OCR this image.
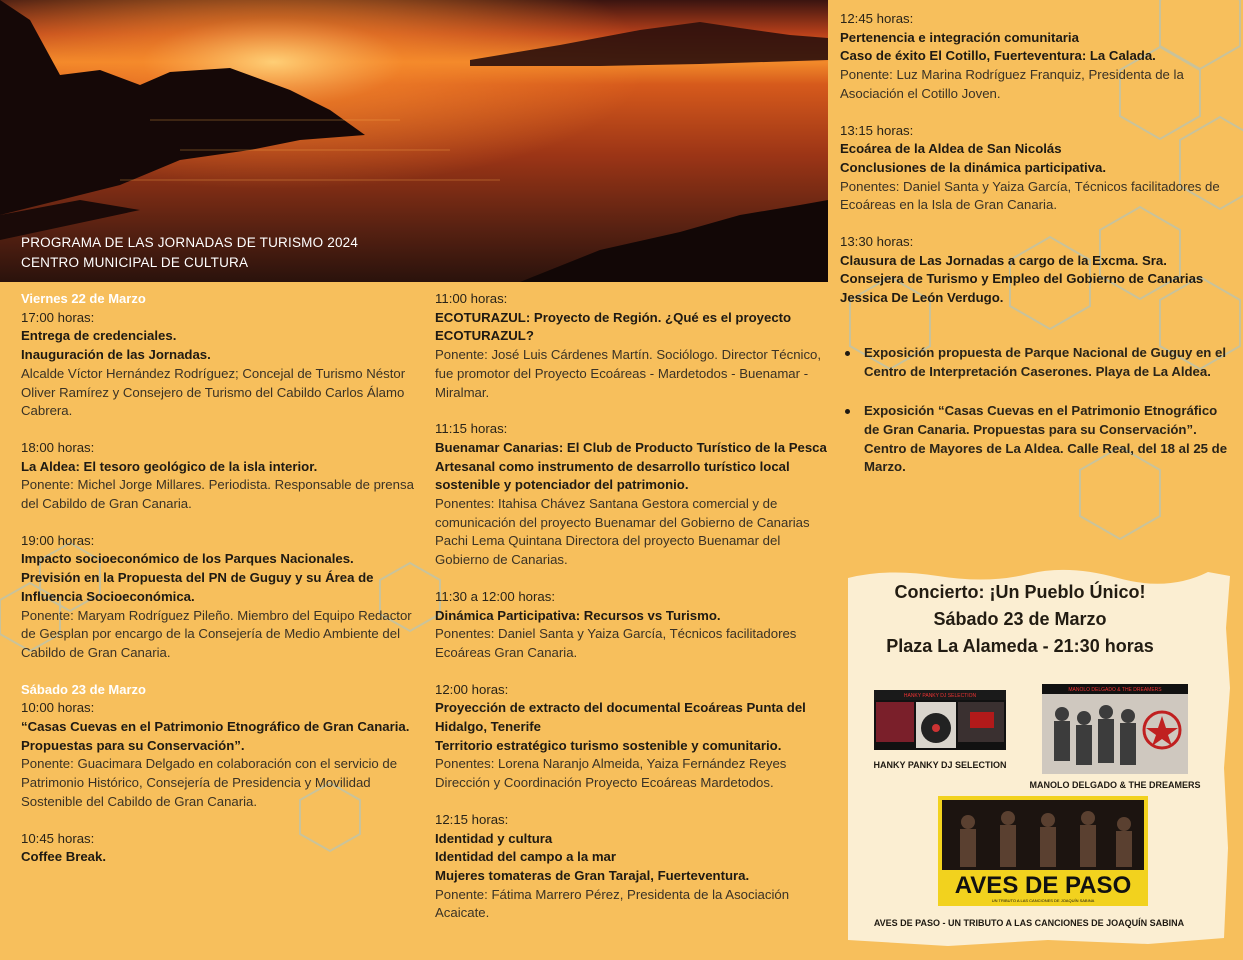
PROGRAMA DE LAS JORNADAS DE TURISMO 2024
CENTRO MUNICIPAL DE CULTURA
Viernes 22 de Marzo
17:00 horas:
Entrega de credenciales.
Inauguración de las Jornadas.
Alcalde Víctor Hernández Rodríguez; Concejal de Turismo Néstor Oliver Ramírez y Consejero de Turismo del Cabildo Carlos Álamo Cabrera.
18:00 horas:
La Aldea: El tesoro geológico de la isla interior.
Ponente: Michel Jorge Millares. Periodista. Responsable de prensa del Cabildo de Gran Canaria.
19:00 horas:
Impacto socioeconómico de los Parques Nacionales. Previsión en la Propuesta del PN de Guguy y su Área de Influencia Socioeconómica.
Ponente: Maryam Rodríguez Pileño. Miembro del Equipo Redactor de Gesplan por encargo de la Consejería de Medio Ambiente del Cabildo de Gran Canaria.
Sábado 23 de Marzo
10:00 horas:
“Casas Cuevas en el Patrimonio Etnográfico de Gran Canaria. Propuestas para su Conservación”.
Ponente: Guacimara Delgado en colaboración con el servicio de Patrimonio Histórico, Consejería de Presidencia y Movilidad Sostenible del Cabildo de Gran Canaria.
10:45 horas:
Coffee Break.
11:00 horas:
ECOTURAZUL: Proyecto de Región. ¿Qué es el proyecto ECOTURAZUL?
Ponente: José Luis Cárdenes Martín. Sociólogo. Director Técnico, fue promotor del Proyecto Ecoáreas - Mardetodos - Buenamar - Miralmar.
11:15 horas:
Buenamar Canarias: El Club de Producto Turístico de la Pesca Artesanal como instrumento de desarrollo turístico local sostenible y potenciador del patrimonio.
Ponentes: Itahisa Chávez Santana Gestora comercial y de comunicación del proyecto Buenamar del Gobierno de Canarias
Pachi Lema Quintana Directora del proyecto Buenamar del Gobierno de Canarias.
11:30 a 12:00 horas:
Dinámica Participativa: Recursos vs Turismo.
Ponentes: Daniel Santa y Yaiza García, Técnicos facilitadores Ecoáreas Gran Canaria.
12:00 horas:
Proyección de extracto del documental Ecoáreas Punta del Hidalgo, Tenerife
Territorio estratégico turismo sostenible y comunitario.
Ponentes: Lorena Naranjo Almeida, Yaiza Fernández Reyes Dirección y Coordinación Proyecto Ecoáreas Mardetodos.
12:15 horas:
Identidad y cultura
Identidad del campo a la mar
Mujeres tomateras de Gran Tarajal, Fuerteventura.
Ponente: Fátima Marrero Pérez, Presidenta de la Asociación Acaicate.
12:45 horas:
Pertenencia e integración comunitaria
Caso de éxito El Cotillo, Fuerteventura: La Calada.
Ponente: Luz Marina Rodríguez Franquiz, Presidenta de la Asociación el Cotillo Joven.
13:15 horas:
Ecoárea de la Aldea de San Nicolás
Conclusiones de la dinámica participativa.
Ponentes: Daniel Santa y Yaiza García, Técnicos facilitadores de Ecoáreas en la Isla de Gran Canaria.
13:30 horas:
Clausura de Las Jornadas a cargo de la Excma. Sra. Consejera de Turismo y Empleo del Gobierno de Canarias Jessica De León Verdugo.
Exposición propuesta de Parque Nacional de Guguy en el Centro de Interpretación Caserones. Playa de La Aldea.
Exposición “Casas Cuevas en el Patrimonio Etnográfico de Gran Canaria. Propuestas para su Conservación”. Centro de Mayores de La Aldea. Calle Real, del 18 al 25 de Marzo.
Concierto: ¡Un Pueblo Único!
Sábado 23 de Marzo
Plaza La Alameda - 21:30 horas
HANKY PANKY DJ SELECTION
HANKY PANKY DJ SELECTION
MANOLO DELGADO & THE DREAMERS
MANOLO DELGADO & THE DREAMERS
AVES DE PASO
UN TRIBUTO A LAS CANCIONES DE JOAQUÍN SABINA
AVES DE PASO - UN TRIBUTO A LAS CANCIONES DE JOAQUÍN SABINA
